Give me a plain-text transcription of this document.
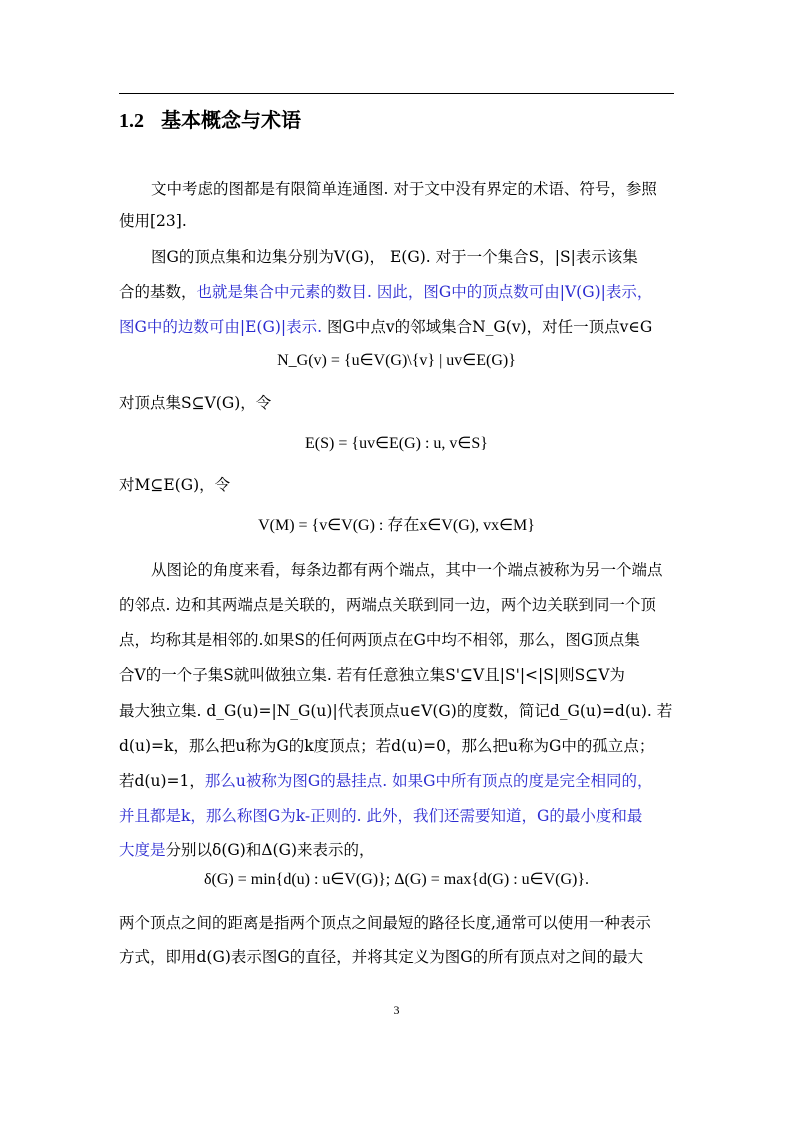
1.2 基本概念与术语
文中考虑的图都是有限简单连通图. 对于文中没有界定的术语、符号，参照
使用[23].
图G的顶点集和边集分别为V(G)， E(G). 对于一个集合S，|S|表示该集
合的基数，也就是集合中元素的数目. 因此，图G中的顶点数可由|V(G)|表示，
图G中的边数可由|E(G)|表示. 图G中点v的邻域集合N_G(v)，对任一顶点v∈G
N_G(v) = {u∈V(G)\{v} | uv∈E(G)}
对顶点集S⊆V(G)，令
E(S) = {uv∈E(G) : u, v∈S}
对M⊆E(G)，令
V(M) = {v∈V(G) : 存在x∈V(G), vx∈M}
从图论的角度来看，每条边都有两个端点，其中一个端点被称为另一个端点
的邻点. 边和其两端点是关联的，两端点关联到同一边，两个边关联到同一个顶
点，均称其是相邻的.如果S的任何两顶点在G中均不相邻，那么，图G顶点集
合V的一个子集S就叫做独立集. 若有任意独立集S'⊆V且|S'|<|S|则S⊆V为
最大独立集. d_G(u)=|N_G(u)|代表顶点u∈V(G)的度数，简记d_G(u)=d(u). 若
d(u)=k，那么把u称为G的k度顶点；若d(u)=0，那么把u称为G中的孤立点；
若d(u)=1，那么u被称为图G的悬挂点. 如果G中所有顶点的度是完全相同的，
并且都是k，那么称图G为k-正则的. 此外，我们还需要知道，G的最小度和最
大度是分别以δ(G)和Δ(G)来表示的，
δ(G) = min{d(u) : u∈V(G)}; Δ(G) = max{d(G) : u∈V(G)}.
两个顶点之间的距离是指两个顶点之间最短的路径长度,通常可以使用一种表示
方式，即用d(G)表示图G的直径，并将其定义为图G的所有顶点对之间的最大
3
